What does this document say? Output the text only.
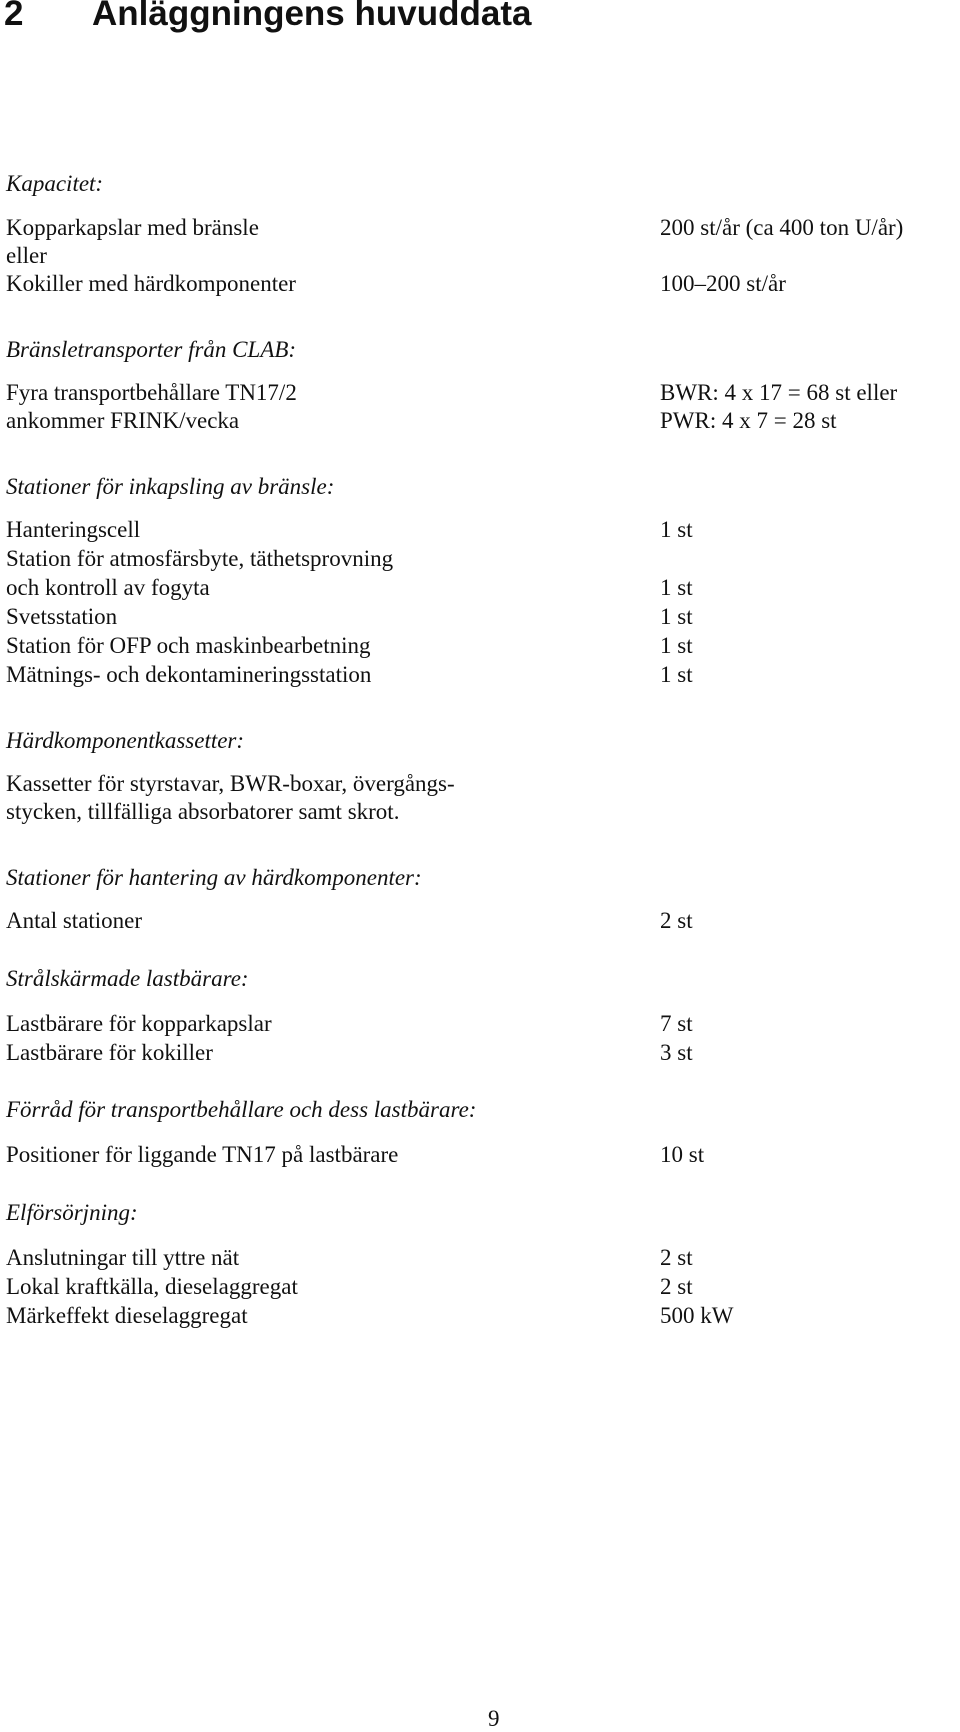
2 Anläggningens huvuddata
Kapacitet:
Kopparkapslar med bränsle
eller
Kokiller med härdkomponenter
200 st/år (ca 400 ton U/år)
100–200 st/år
Bränsletransporter från CLAB:
Fyra transportbehållare TN17/2
ankommer FRINK/vecka
BWR: 4 x 17 = 68 st eller
PWR: 4 x 7 = 28 st
Stationer för inkapsling av bränsle:
Hanteringscell
Station för atmosfärsbyte, täthetsprovning
och kontroll av fogyta
Svetsstation
Station för OFP och maskinbearbetning
Mätnings- och dekontamineringsstation
1 st
1 st
1 st
1 st
1 st
Härdkomponentkassetter:
Kassetter för styrstavar, BWR-boxar, övergångs-
stycken, tillfälliga absorbatorer samt skrot.
Stationer för hantering av härdkomponenter:
Antal stationer	2 st
Strålskärmade lastbärare:
Lastbärare för kopparkapslar
Lastbärare för kokiller
7 st
3 st
Förråd för transportbehållare och dess lastbärare:
Positioner för liggande TN17 på lastbärare	10 st
Elförsörjning:
Anslutningar till yttre nät
Lokal kraftkälla, dieselaggregat
Märkeffekt dieselaggregat
2 st
2 st
500 kW
9
